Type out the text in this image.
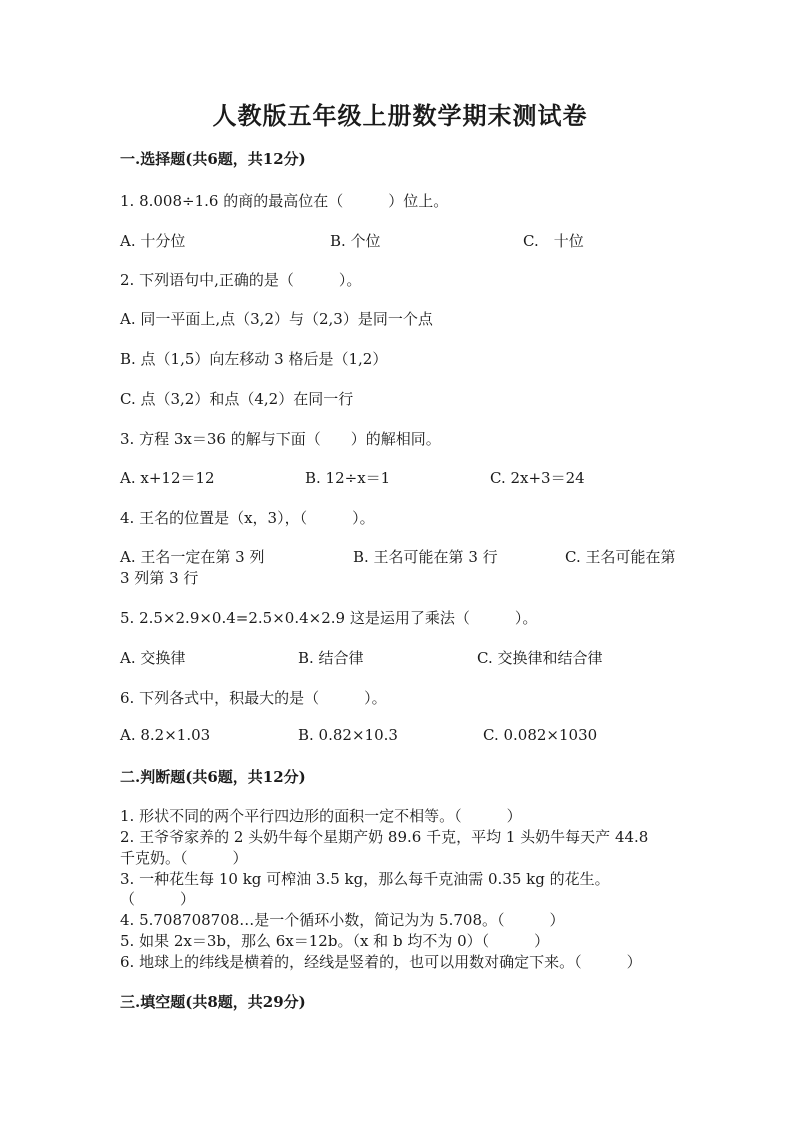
人教版五年级上册数学期末测试卷
一.选择题(共6题，共12分)
1. 8.008÷1.6 的商的最高位在（　　　）位上。
A. 十分位	B. 个位	C.　十位
2. 下列语句中,正确的是（　　　）。
A. 同一平面上,点（3,2）与（2,3）是同一个点
B. 点（1,5）向左移动 3 格后是（1,2）
C. 点（3,2）和点（4,2）在同一行
3. 方程 3x＝36 的解与下面（　　）的解相同。
A. x+12＝12	B. 12÷x＝1	C. 2x+3＝24
4. 王名的位置是（x，3），（　　　）。
A. 王名一定在第 3 列	B. 王名可能在第 3 行	C. 王名可能在第
3 列第 3 行
5. 2.5×2.9×0.4=2.5×0.4×2.9 这是运用了乘法（　　　）。
A. 交换律	B. 结合律	C. 交换律和结合律
6. 下列各式中，积最大的是（　　　）。
A. 8.2×1.03	B. 0.82×10.3	C. 0.082×1030
二.判断题(共6题，共12分)
1. 形状不同的两个平行四边形的面积一定不相等。（　　　）
2. 王爷爷家养的 2 头奶牛每个星期产奶 89.6 千克，平均 1 头奶牛每天产 44.8
千克奶。（　　　）
3. 一种花生每 10 kg 可榨油 3.5 kg，那么每千克油需 0.35 kg 的花生。
（　　　）
4. 5.708708708…是一个循环小数，简记为为 5.708。（　　　）
5. 如果 2x＝3b，那么 6x＝12b。（x 和 b 均不为 0）（　　　）
6. 地球上的纬线是横着的，经线是竖着的，也可以用数对确定下来。（　　　）
三.填空题(共8题，共29分)
